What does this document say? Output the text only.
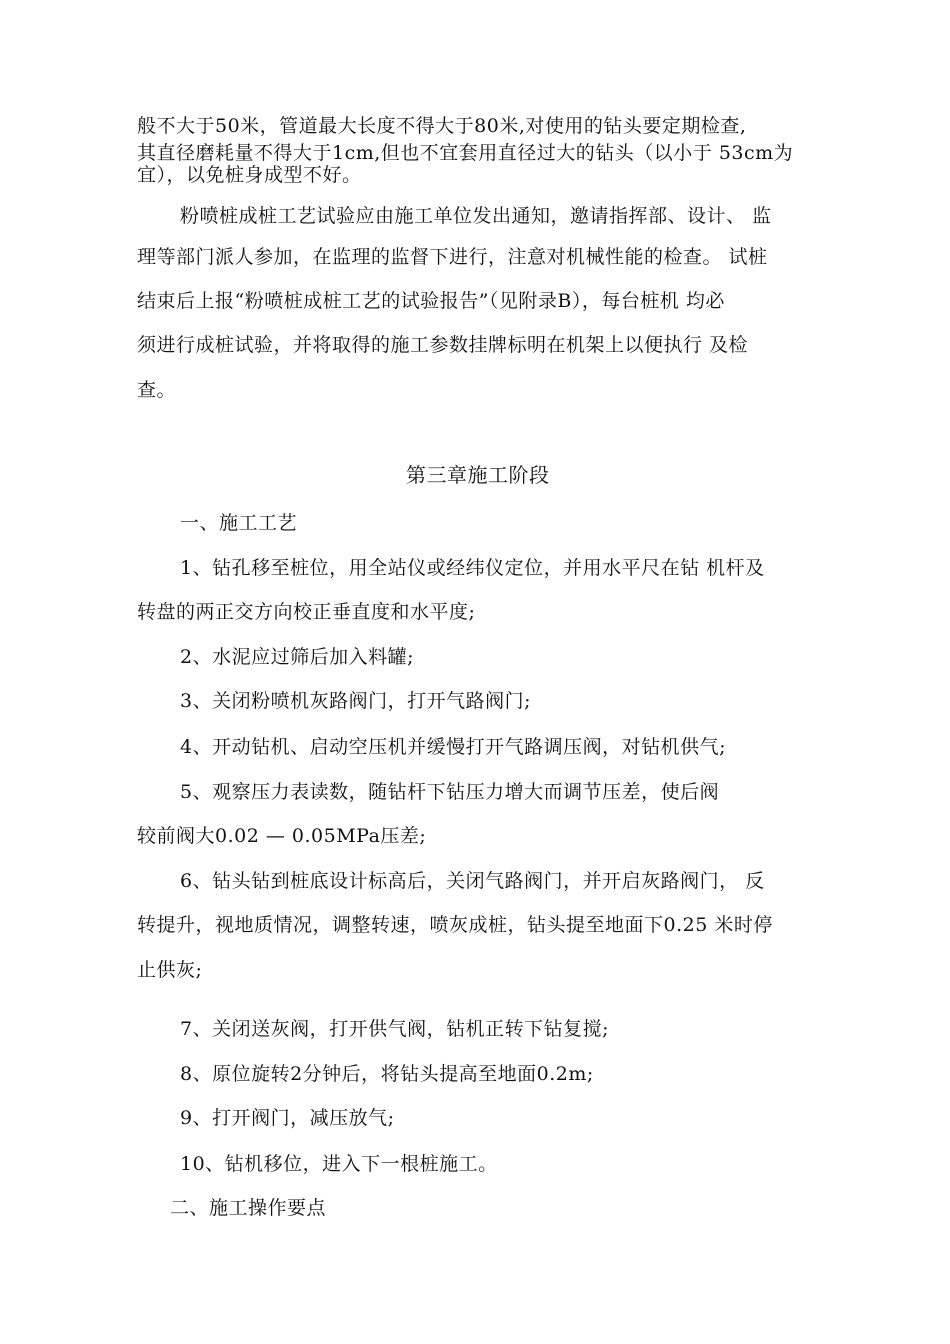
般不大于50米，管道最大长度不得大于80米,对使用的钻头要定期检查,
其直径磨耗量不得大于1cm,但也不宜套用直径过大的钻头（以小于 53cm为
宜），以免桩身成型不好。
粉喷桩成桩工艺试验应由施工单位发出通知，邀请指挥部、设计、 监
理等部门派人参加，在监理的监督下进行，注意对机械性能的检查。 试桩
结束后上报“粉喷桩成桩工艺的试验报告”（见附录B），每台桩机 均必
须进行成桩试验，并将取得的施工参数挂牌标明在机架上以便执行 及检
查。
第三章施工阶段
一、施工工艺
1、钻孔移至桩位，用全站仪或经纬仪定位，并用水平尺在钻 机杆及
转盘的两正交方向校正垂直度和水平度;
2、水泥应过筛后加入料罐;
3、关闭粉喷机灰路阀门，打开气路阀门;
4、开动钻机、启动空压机并缓慢打开气路调压阀，对钻机供气;
5、观察压力表读数，随钻杆下钻压力增大而调节压差，使后阀
较前阀大0.02 — 0.05MPa压差;
6、钻头钻到桩底设计标高后，关闭气路阀门，并开启灰路阀门， 反
转提升，视地质情况，调整转速，喷灰成桩，钻头提至地面下0.25 米时停
止供灰;
7、关闭送灰阀，打开供气阀，钻机正转下钻复搅;
8、原位旋转2分钟后，将钻头提高至地面0.2m;
9、打开阀门，减压放气;
10、钻机移位，进入下一根桩施工。
二、施工操作要点
